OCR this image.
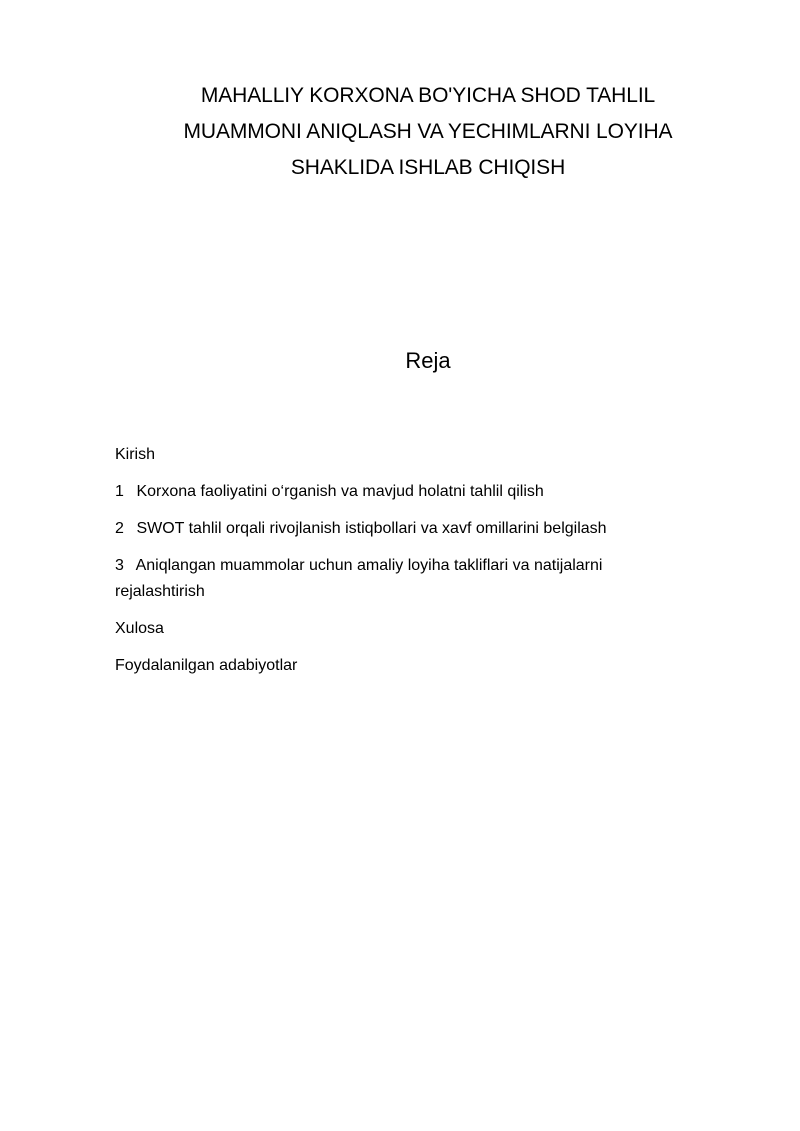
MAHALLIY KORXONA BO'YICHA SHOD TAHLIL
MUAMMONI ANIQLASH VA YECHIMLARNI LOYIHA
SHAKLIDA ISHLAB CHIQISH
Reja
Kirish
1 Korxona faoliyatini o‘rganish va mavjud holatni tahlil qilish
2 SWOT tahlil orqali rivojlanish istiqbollari va xavf omillarini belgilash
3 Aniqlangan muammolar uchun amaliy loyiha takliflari va natijalarni rejalashtirish
Xulosa
Foydalanilgan adabiyotlar
